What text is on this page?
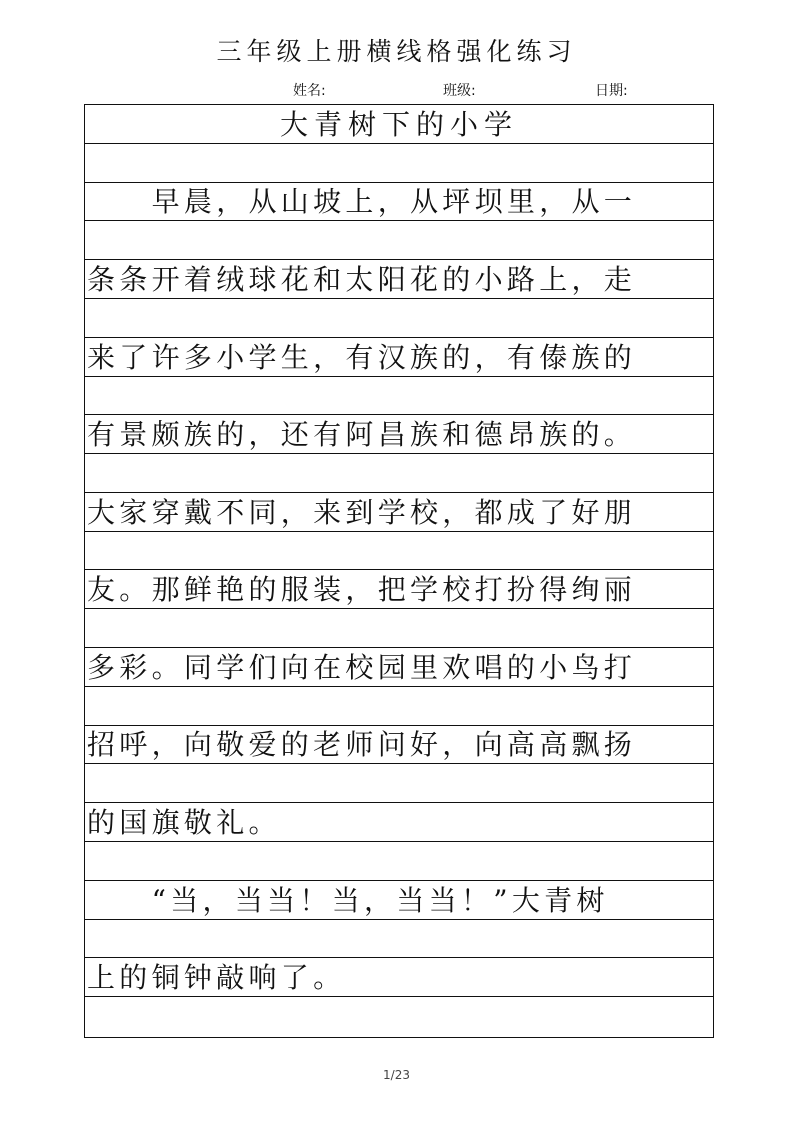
三年级上册横线格强化练习
姓名:	班级:	日期:
大青树下的小学
　　早晨，从山坡上，从坪坝里，从一
条条开着绒球花和太阳花的小路上，走
来了许多小学生，有汉族的，有傣族的
有景颇族的，还有阿昌族和德昂族的。
大家穿戴不同，来到学校，都成了好朋
友。那鲜艳的服装，把学校打扮得绚丽
多彩。同学们向在校园里欢唱的小鸟打
招呼，向敬爱的老师问好，向高高飘扬
的国旗敬礼。
　　“当，当当！当，当当！”大青树
上的铜钟敲响了。
1/23
